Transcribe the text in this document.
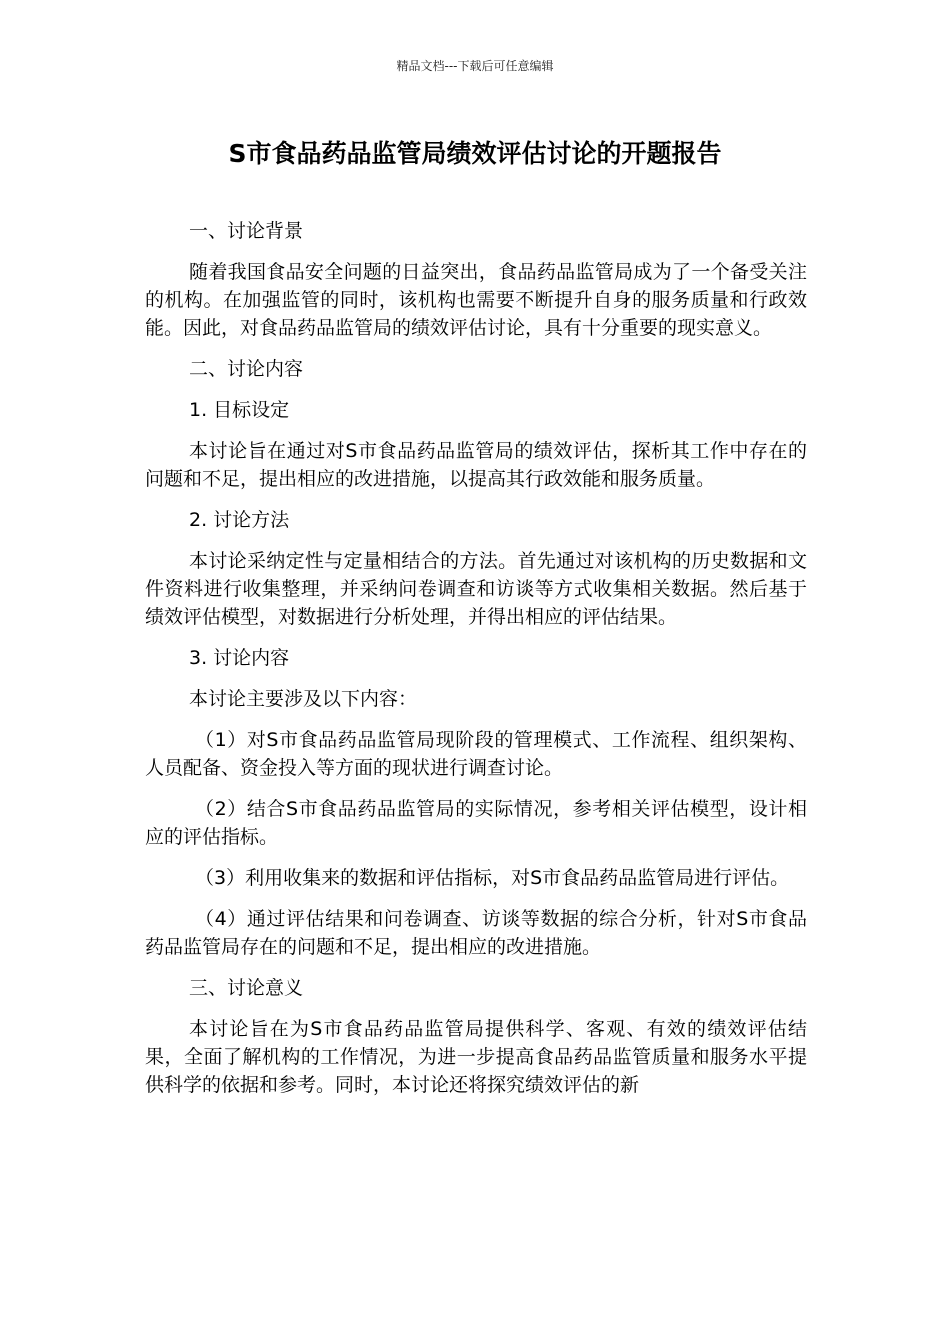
精品文档---下载后可任意编辑
S市食品药品监管局绩效评估讨论的开题报告

一、讨论背景

随着我国食品安全问题的日益突出，食品药品监管局成为了一个备受关注的机构。在加强监管的同时，该机构也需要不断提升自身的服务质量和行政效能。因此，对食品药品监管局的绩效评估讨论，具有十分重要的现实意义。

二、讨论内容

1. 目标设定

本讨论旨在通过对S市食品药品监管局的绩效评估，探析其工作中存在的问题和不足，提出相应的改进措施，以提高其行政效能和服务质量。

2. 讨论方法

本讨论采纳定性与定量相结合的方法。首先通过对该机构的历史数据和文件资料进行收集整理，并采纳问卷调查和访谈等方式收集相关数据。然后基于绩效评估模型，对数据进行分析处理，并得出相应的评估结果。

3. 讨论内容

本讨论主要涉及以下内容：

（1）对S市食品药品监管局现阶段的管理模式、工作流程、组织架构、人员配备、资金投入等方面的现状进行调查讨论。

（2）结合S市食品药品监管局的实际情况，参考相关评估模型，设计相应的评估指标。

（3）利用收集来的数据和评估指标，对S市食品药品监管局进行评估。

（4）通过评估结果和问卷调查、访谈等数据的综合分析，针对S市食品药品监管局存在的问题和不足，提出相应的改进措施。

三、讨论意义

本讨论旨在为S市食品药品监管局提供科学、客观、有效的绩效评估结果，全面了解机构的工作情况，为进一步提高食品药品监管质量和服务水平提供科学的依据和参考。同时，本讨论还将探究绩效评估的新
